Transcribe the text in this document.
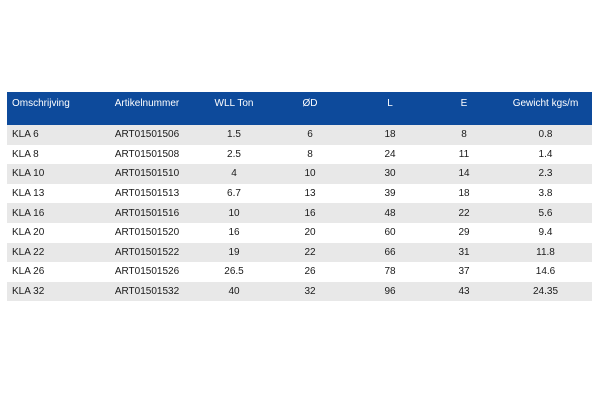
Omschrijving	Artikelnummer	WLL Ton	ØD	L	E	Gewicht kgs/m
KLA 6	ART01501506	1.5	6	18	8	0.8
KLA 8	ART01501508	2.5	8	24	11	1.4
KLA 10	ART01501510	4	10	30	14	2.3
KLA 13	ART01501513	6.7	13	39	18	3.8
KLA 16	ART01501516	10	16	48	22	5.6
KLA 20	ART01501520	16	20	60	29	9.4
KLA 22	ART01501522	19	22	66	31	11.8
KLA 26	ART01501526	26.5	26	78	37	14.6
KLA 32	ART01501532	40	32	96	43	24.35
